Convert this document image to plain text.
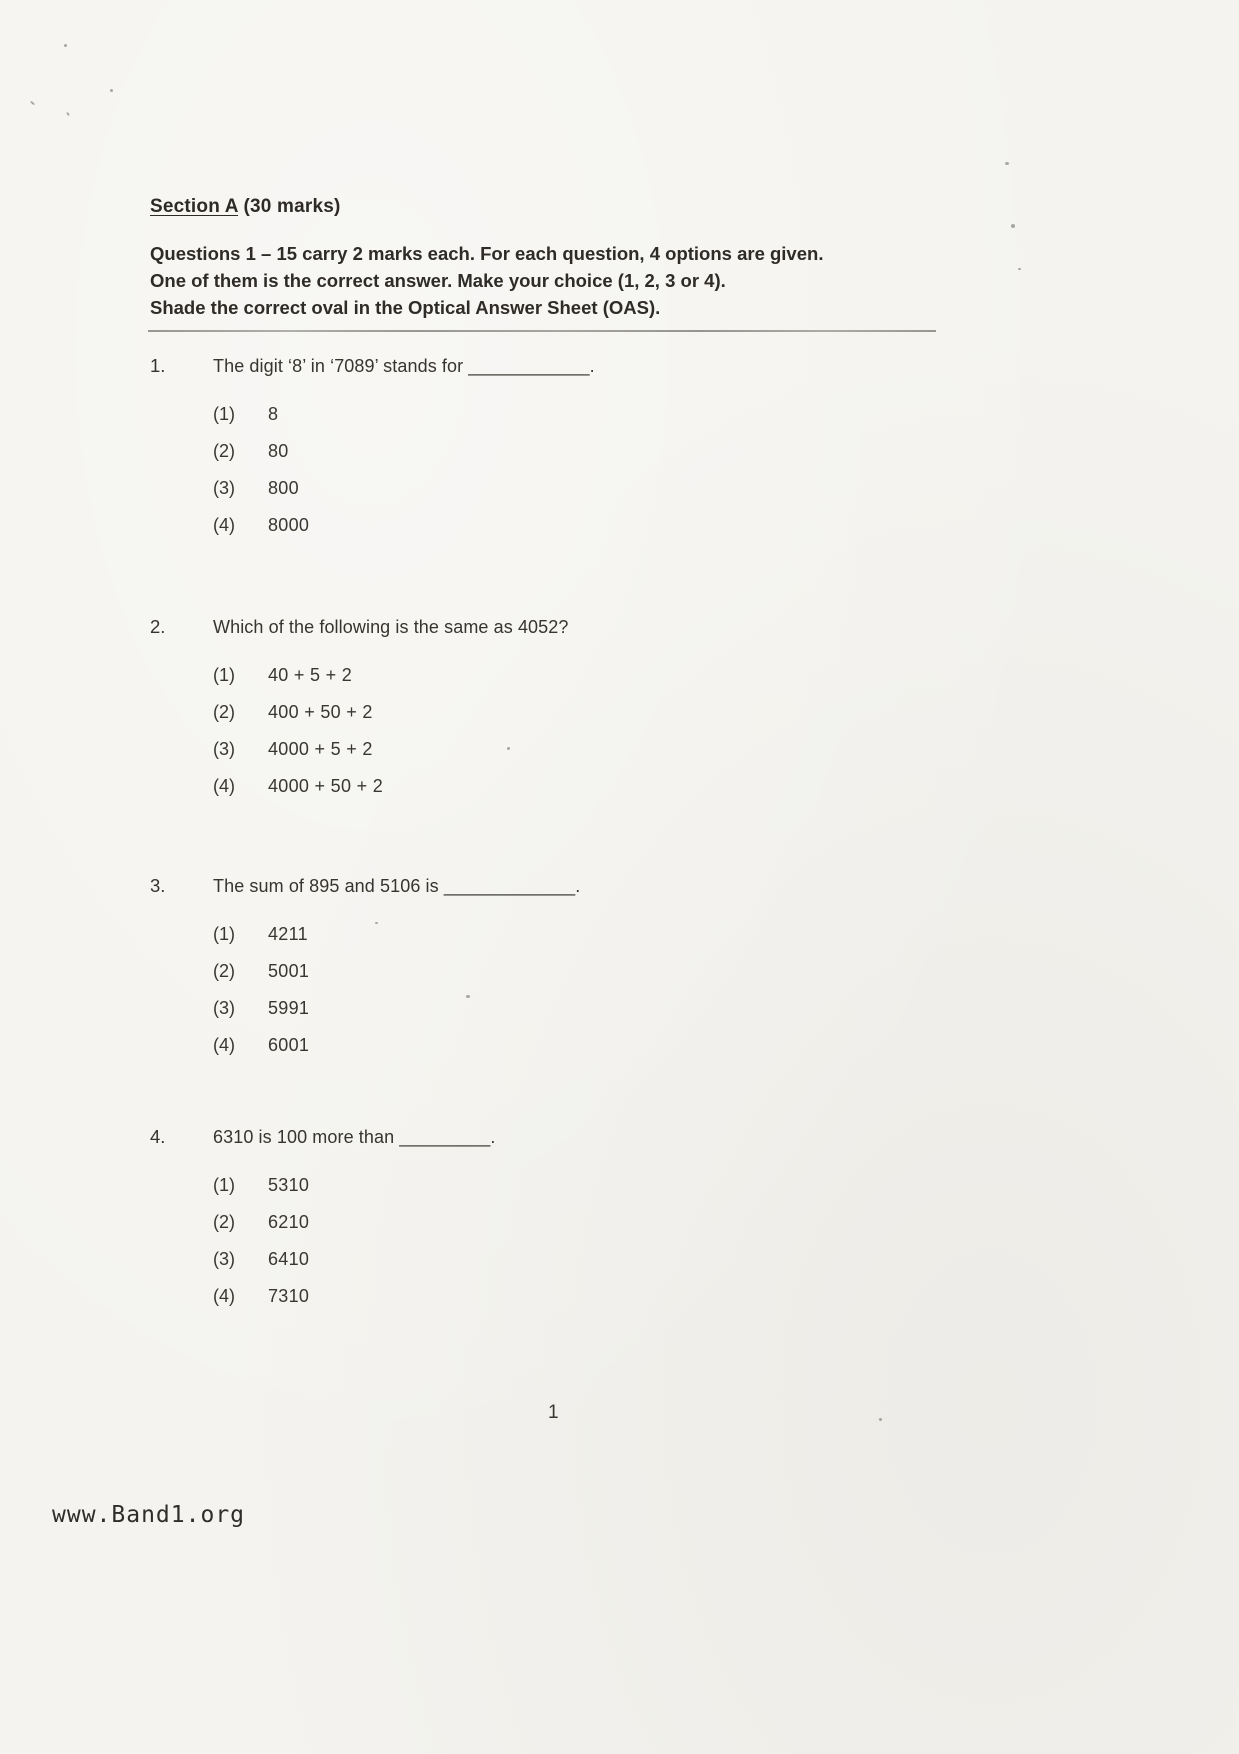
Section A (30 marks)
Questions 1 – 15 carry 2 marks each. For each question, 4 options are given.
One of them is the correct answer. Make your choice (1, 2, 3 or 4).
Shade the correct oval in the Optical Answer Sheet (OAS).
1.	The digit ‘8’ in ‘7089’ stands for ____________.
(1)	8
(2)	80
(3)	800
(4)	8000
2.	Which of the following is the same as 4052?
(1)	40 + 5 + 2
(2)	400 + 50 + 2
(3)	4000 + 5 + 2
(4)	4000 + 50 + 2
3.	The sum of 895 and 5106 is _____________.
(1)	4211
(2)	5001
(3)	5991
(4)	6001
4.	6310 is 100 more than _________.
(1)	5310
(2)	6210
(3)	6410
(4)	7310
1
www.Band1.org
